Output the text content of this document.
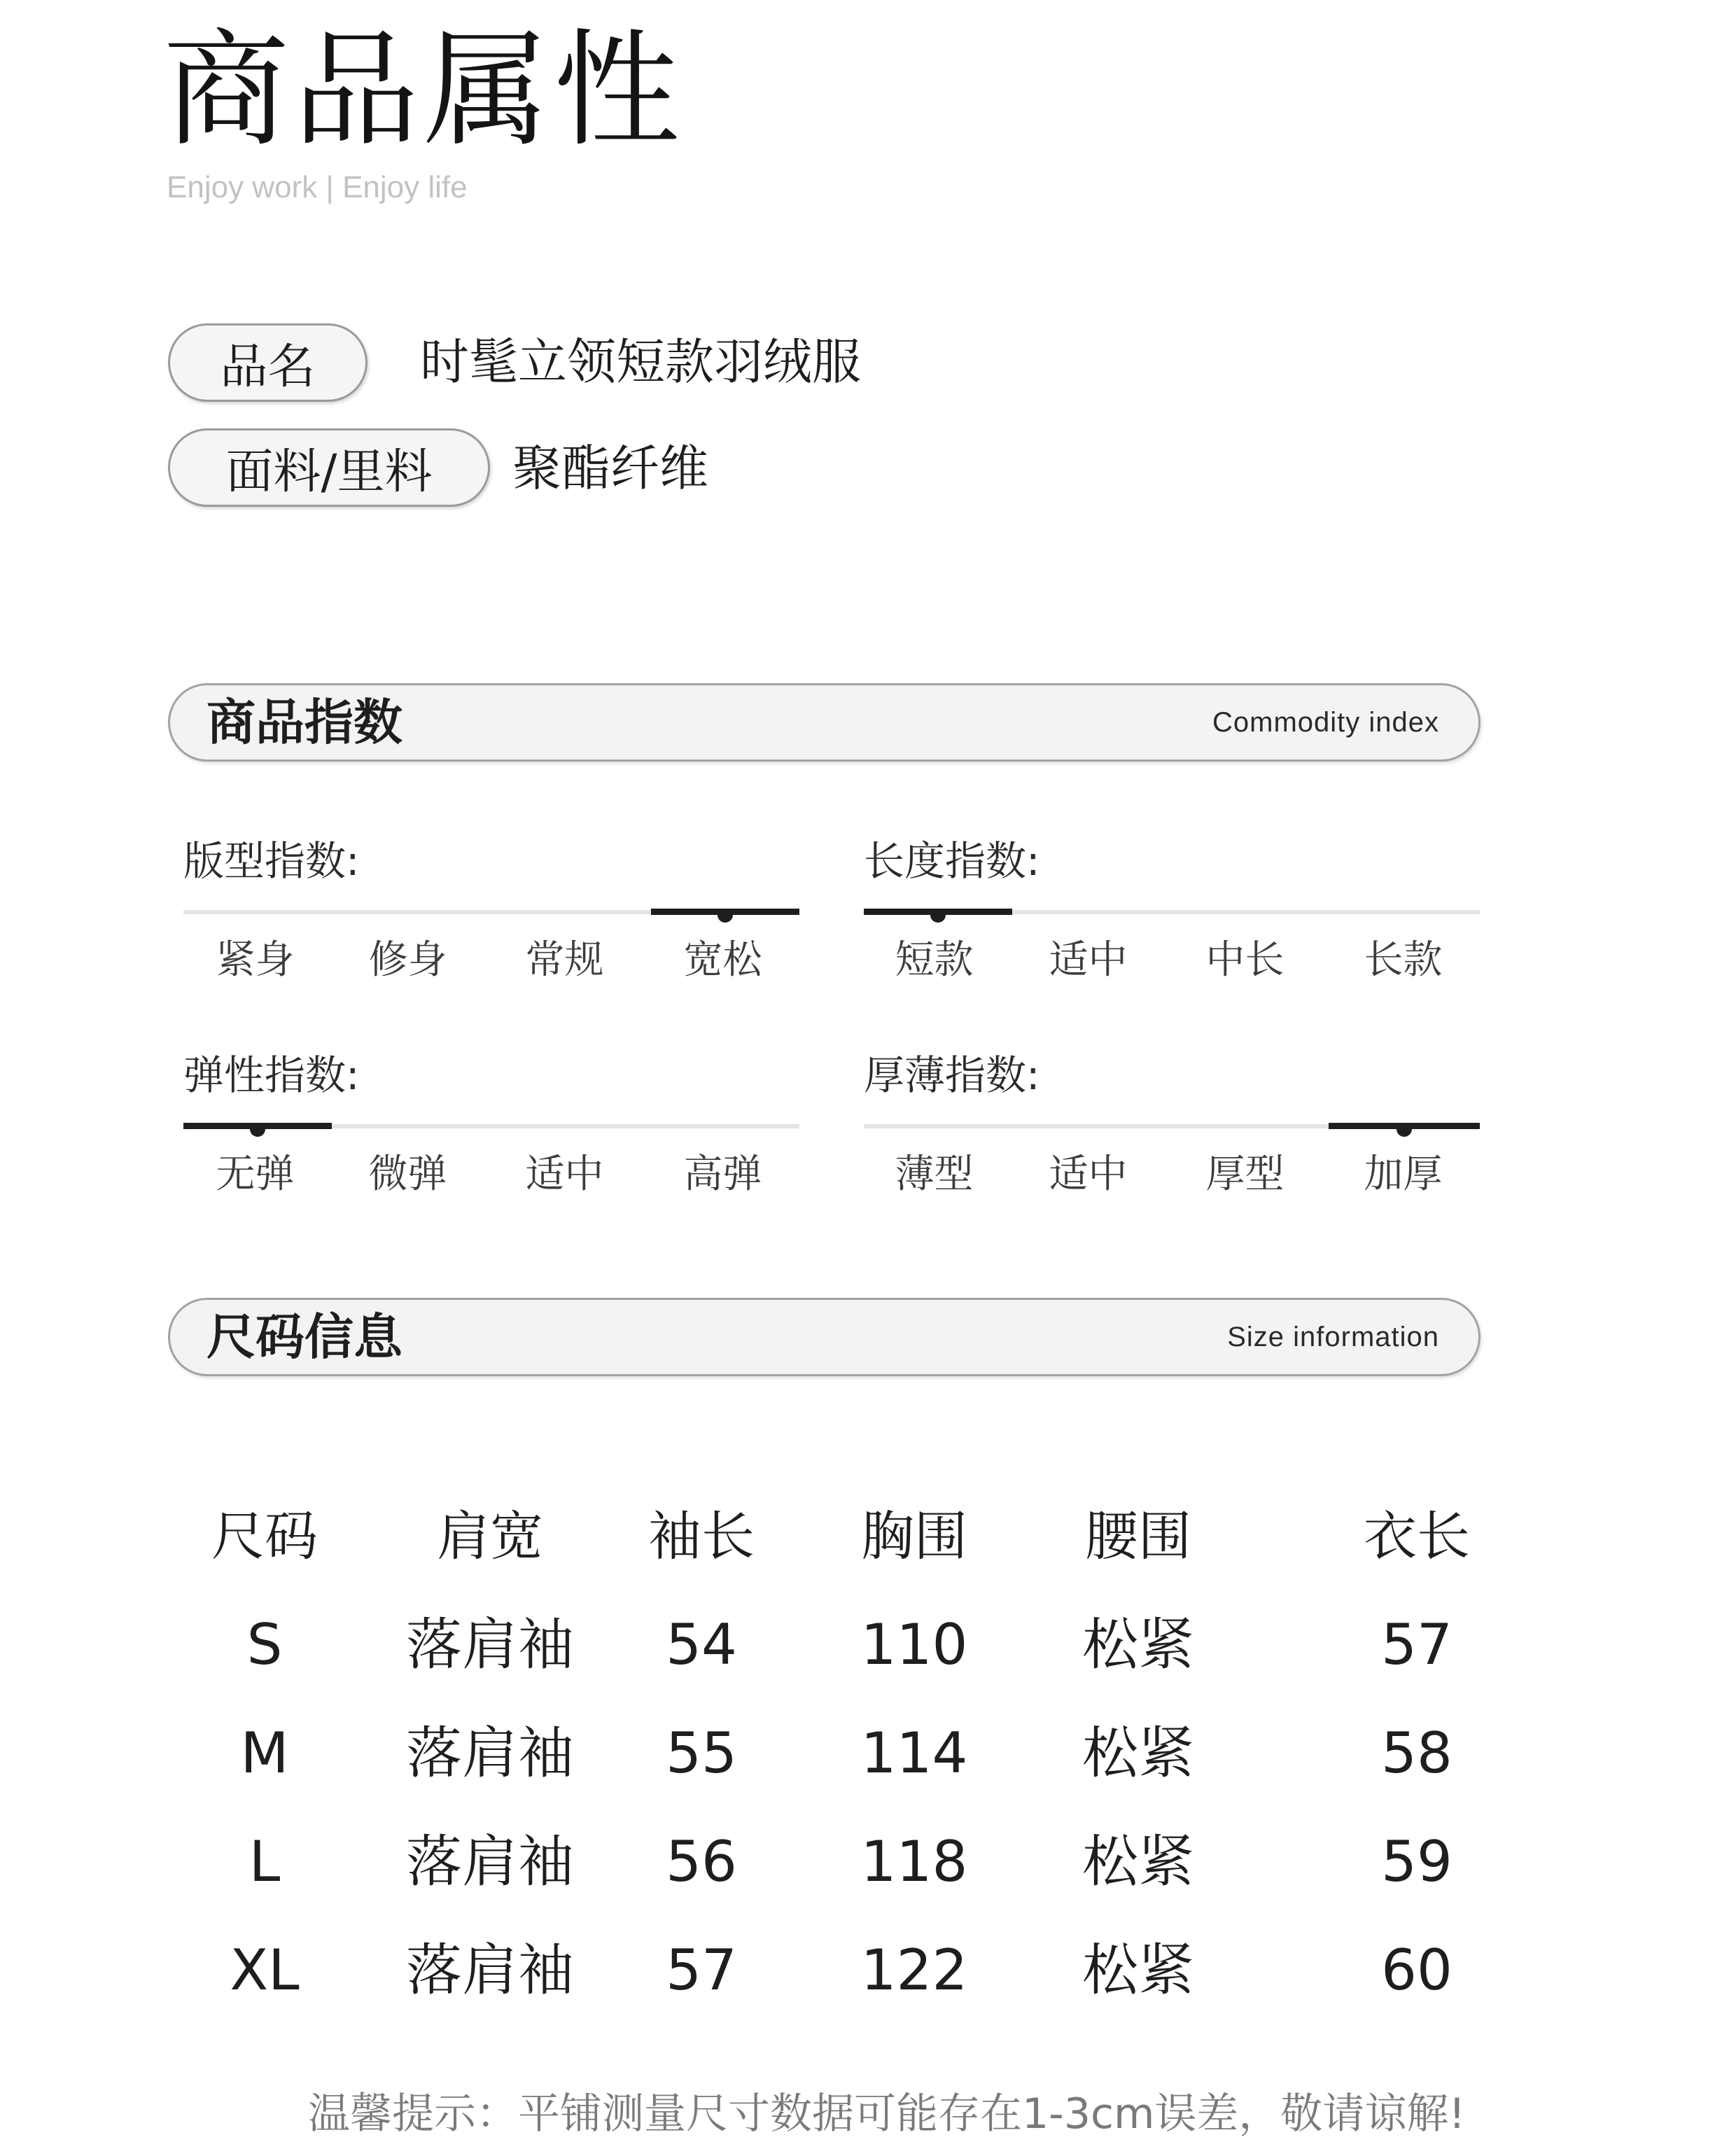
商品属性
Enjoy work | Enjoy life
品名	时髦立领短款羽绒服
面料/里料	聚酯纤维
商品指数	Commodity index
版型指数:
紧身	修身	常规	宽松
长度指数:
短款	适中	中长	长款
弹性指数:
无弹	微弹	适中	高弹
厚薄指数:
薄型	适中	厚型	加厚
尺码信息	Size information
尺码	肩宽	袖长	胸围	腰围	衣长
S	落肩袖	54	110	松紧	57
M	落肩袖	55	114	松紧	58
L	落肩袖	56	118	松紧	59
XL	落肩袖	57	122	松紧	60
温馨提示：平铺测量尺寸数据可能存在1-3cm误差，敬请谅解!
